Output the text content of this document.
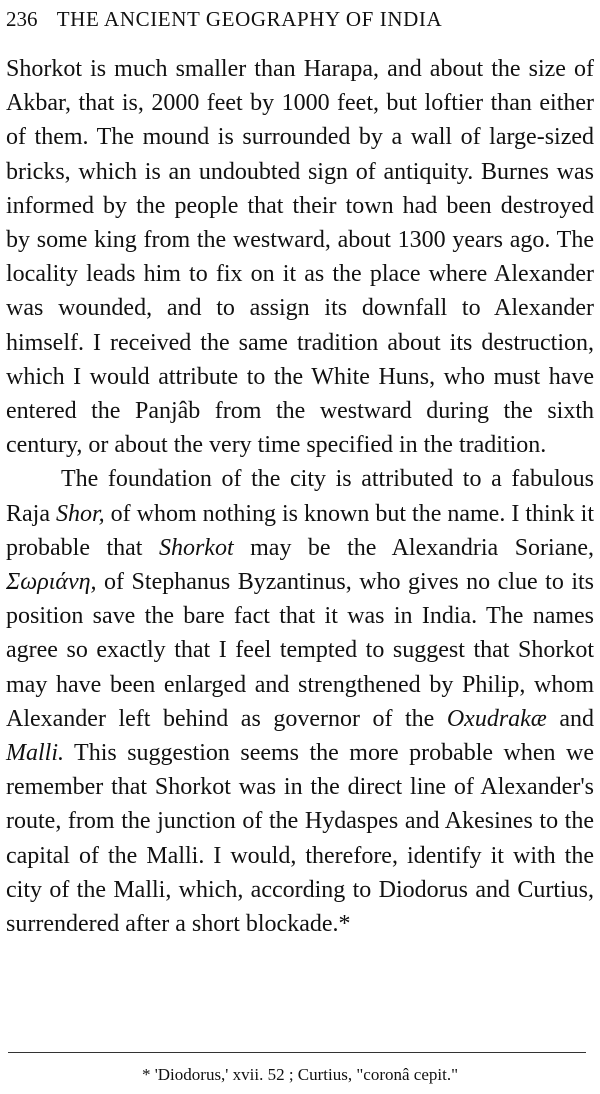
236 THE ANCIENT GEOGRAPHY OF INDIA

Shorkot is much smaller than Harapa, and about the size of Akbar, that is, 2000 feet by 1000 feet, but loftier than either of them. The mound is surrounded by a wall of large-sized bricks, which is an undoubted sign of antiquity. Burnes was informed by the people that their town had been destroyed by some king from the westward, about 1300 years ago. The locality leads him to fix on it as the place where Alexander was wounded, and to assign its downfall to Alexander himself. I received the same tradition about its destruction, which I would attribute to the White Huns, who must have entered the Panjâb from the westward during the sixth century, or about the very time specified in the tradition.

The foundation of the city is attributed to a fabulous Raja Shor, of whom nothing is known but the name. I think it probable that Shorkot may be the Alexandria Soriane, Σωριάνη, of Stephanus Byzantinus, who gives no clue to its position save the bare fact that it was in India. The names agree so exactly that I feel tempted to suggest that Shorkot may have been enlarged and strengthened by Philip, whom Alexander left behind as governor of the Oxudrakæ and Malli. This suggestion seems the more probable when we remember that Shorkot was in the direct line of Alexander's route, from the junction of the Hydaspes and Akesines to the capital of the Malli. I would, therefore, identify it with the city of the Malli, which, according to Diodorus and Curtius, surrendered after a short blockade.*

* 'Diodorus,' xvii. 52 ; Curtius, "coronâ cepit."
